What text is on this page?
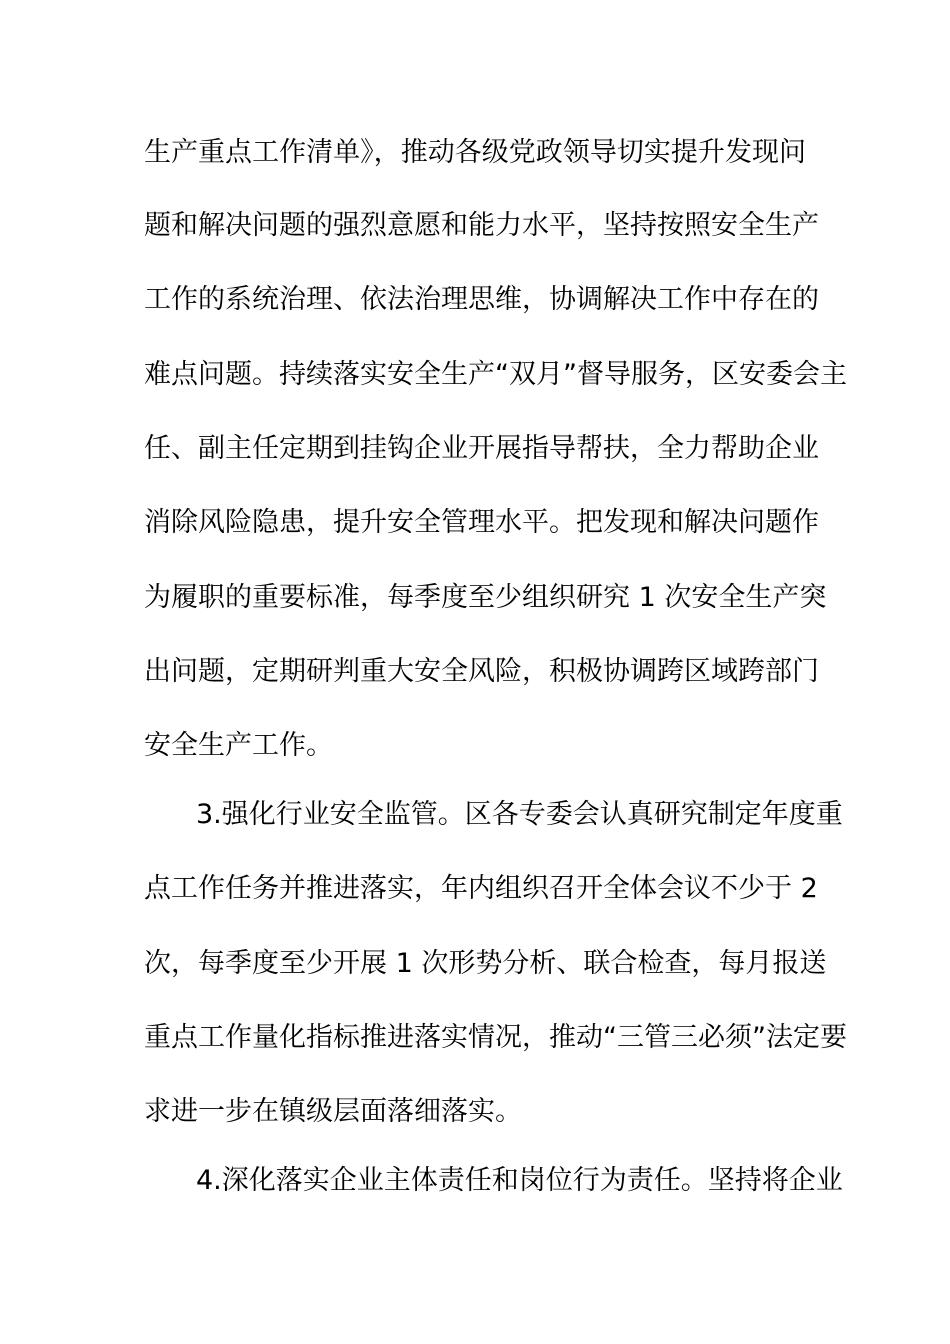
生产重点工作清单》，推动各级党政领导切实提升发现问
题和解决问题的强烈意愿和能力水平，坚持按照安全生产
工作的系统治理、依法治理思维，协调解决工作中存在的
难点问题。持续落实安全生产“双月”督导服务，区安委会主
任、副主任定期到挂钩企业开展指导帮扶，全力帮助企业
消除风险隐患，提升安全管理水平。把发现和解决问题作
为履职的重要标准，每季度至少组织研究 1 次安全生产突
出问题，定期研判重大安全风险，积极协调跨区域跨部门
安全生产工作。
3.强化行业安全监管。区各专委会认真研究制定年度重
点工作任务并推进落实，年内组织召开全体会议不少于 2
次，每季度至少开展 1 次形势分析、联合检查，每月报送
重点工作量化指标推进落实情况，推动“三管三必须”法定要
求进一步在镇级层面落细落实。
4.深化落实企业主体责任和岗位行为责任。坚持将企业
